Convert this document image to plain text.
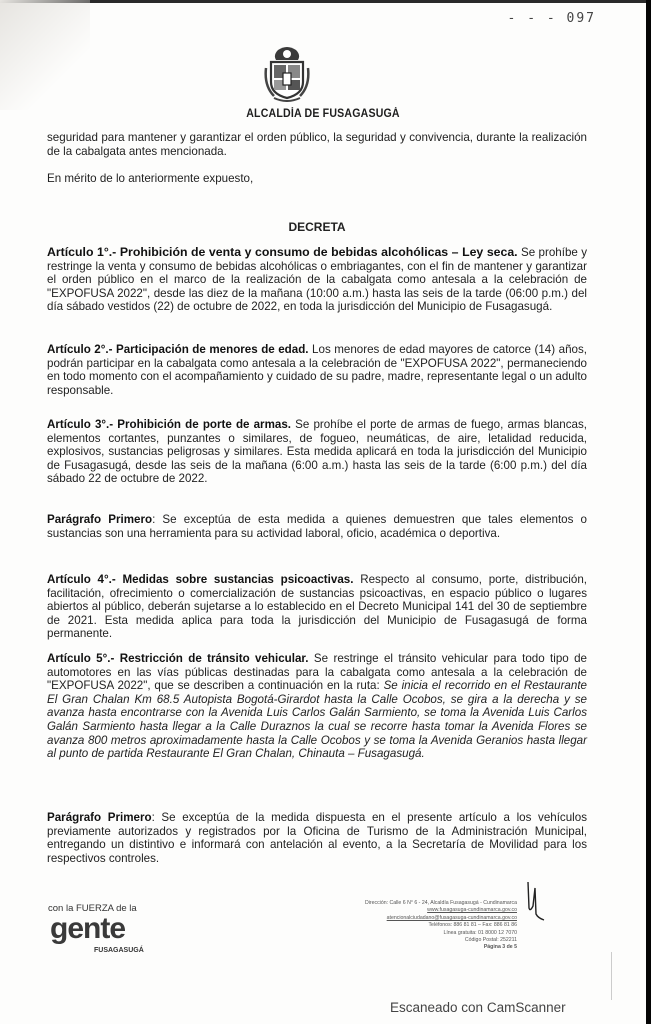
- - - 097
ALCALDÍA DE FUSAGASUGÁ
seguridad para mantener y garantizar el orden público, la seguridad y convivencia, durante la realización de la cabalgata antes mencionada.
En mérito de lo anteriormente expuesto,
DECRETA
Artículo 1°.- Prohibición de venta y consumo de bebidas alcohólicas – Ley seca. Se prohíbe y restringe la venta y consumo de bebidas alcohólicas o embriagantes, con el fin de mantener y garantizar el orden público en el marco de la realización de la cabalgata como antesala a la celebración de "EXPOFUSA 2022", desde las diez de la mañana (10:00 a.m.) hasta las seis de la tarde (06:00 p.m.) del día sábado vestidos (22) de octubre de 2022, en toda la jurisdicción del Municipio de Fusagasugá.
Artículo 2°.- Participación de menores de edad. Los menores de edad mayores de catorce (14) años, podrán participar en la cabalgata como antesala a la celebración de "EXPOFUSA 2022", permaneciendo en todo momento con el acompañamiento y cuidado de su padre, madre, representante legal o un adulto responsable.
Artículo 3°.- Prohibición de porte de armas. Se prohíbe el porte de armas de fuego, armas blancas, elementos cortantes, punzantes o similares, de fogueo, neumáticas, de aire, letalidad reducida, explosivos, sustancias peligrosas y similares. Esta medida aplicará en toda la jurisdicción del Municipio de Fusagasugá, desde las seis de la mañana (6:00 a.m.) hasta las seis de la tarde (6:00 p.m.) del día sábado 22 de octubre de 2022.
Parágrafo Primero: Se exceptúa de esta medida a quienes demuestren que tales elementos o sustancias son una herramienta para su actividad laboral, oficio, académica o deportiva.
Artículo 4°.- Medidas sobre sustancias psicoactivas. Respecto al consumo, porte, distribución, facilitación, ofrecimiento o comercialización de sustancias psicoactivas, en espacio público o lugares abiertos al público, deberán sujetarse a lo establecido en el Decreto Municipal 141 del 30 de septiembre de 2021. Esta medida aplica para toda la jurisdicción del Municipio de Fusagasugá de forma permanente.
Artículo 5°.- Restricción de tránsito vehicular. Se restringe el tránsito vehicular para todo tipo de automotores en las vías públicas destinadas para la cabalgata como antesala a la celebración de "EXPOFUSA 2022", que se describen a continuación en la ruta: Se inicia el recorrido en el Restaurante El Gran Chalan Km 68.5 Autopista Bogotá-Girardot hasta la Calle Ocobos, se gira a la derecha y se avanza hasta encontrarse con la Avenida Luis Carlos Galán Sarmiento, se toma la Avenida Luis Carlos Galán Sarmiento hasta llegar a la Calle Duraznos la cual se recorre hasta tomar la Avenida Flores se avanza 800 metros aproximadamente hasta la Calle Ocobos y se toma la Avenida Geranios hasta llegar al punto de partida Restaurante El Gran Chalan, Chinauta – Fusagasugá.
Parágrafo Primero: Se exceptúa de la medida dispuesta en el presente artículo a los vehículos previamente autorizados y registrados por la Oficina de Turismo de la Administración Municipal, entregando un distintivo e informará con antelación al evento, a la Secretaría de Movilidad para los respectivos controles.
con la FUERZA de la
gente
FUSAGASUGÁ
Dirección: Calle 6 N° 6 - 24, Alcaldía Fusagasugá - Cundinamarca
www.fusagasuga-cundinamarca.gov.co
atencionalciudadano@fusagasuga-cundinamarca.gov.co
Teléfonos: 886 81 81 – Fax: 886 81 86
Línea gratuita: 01 8000 12 7070
Código Postal: 252211
Página 3 de 5
Escaneado con CamScanner
